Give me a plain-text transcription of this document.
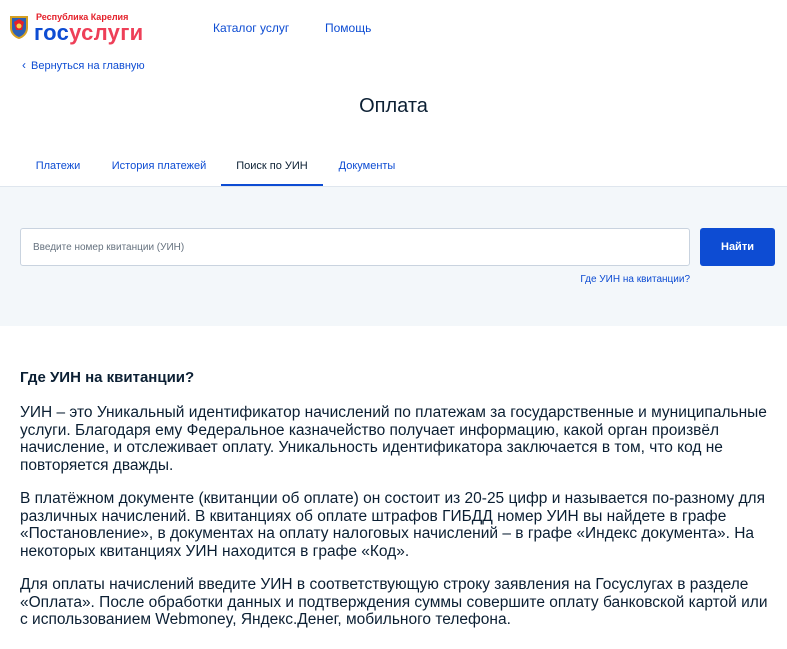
Республика Карелия
госуслуги	Каталог услуг	Помощь
‹ Вернуться на главную
Оплата
Платежи	История платежей	Поиск по УИН	Документы
Введите номер квитанции (УИН)
Найти
Где УИН на квитанции?
Где УИН на квитанции?

УИН – это Уникальный идентификатор начислений по платежам за государственные и муниципальные услуги. Благодаря ему Федеральное казначейство получает информацию, какой орган произвёл начисление, и отслеживает оплату. Уникальность идентификатора заключается в том, что код не повторяется дважды.

В платёжном документе (квитанции об оплате) он состоит из 20-25 цифр и называется по-разному для различных начислений. В квитанциях об оплате штрафов ГИБДД номер УИН вы найдете в графе «Постановление», в документах на оплату налоговых начислений – в графе «Индекс документа». На некоторых квитанциях УИН находится в графе «Код».

Для оплаты начислений введите УИН в соответствующую строку заявления на Госуслугах в разделе «Оплата». После обработки данных и подтверждения суммы совершите оплату банковской картой или с использованием Webmoney, Яндекс.Денег, мобильного телефона.
